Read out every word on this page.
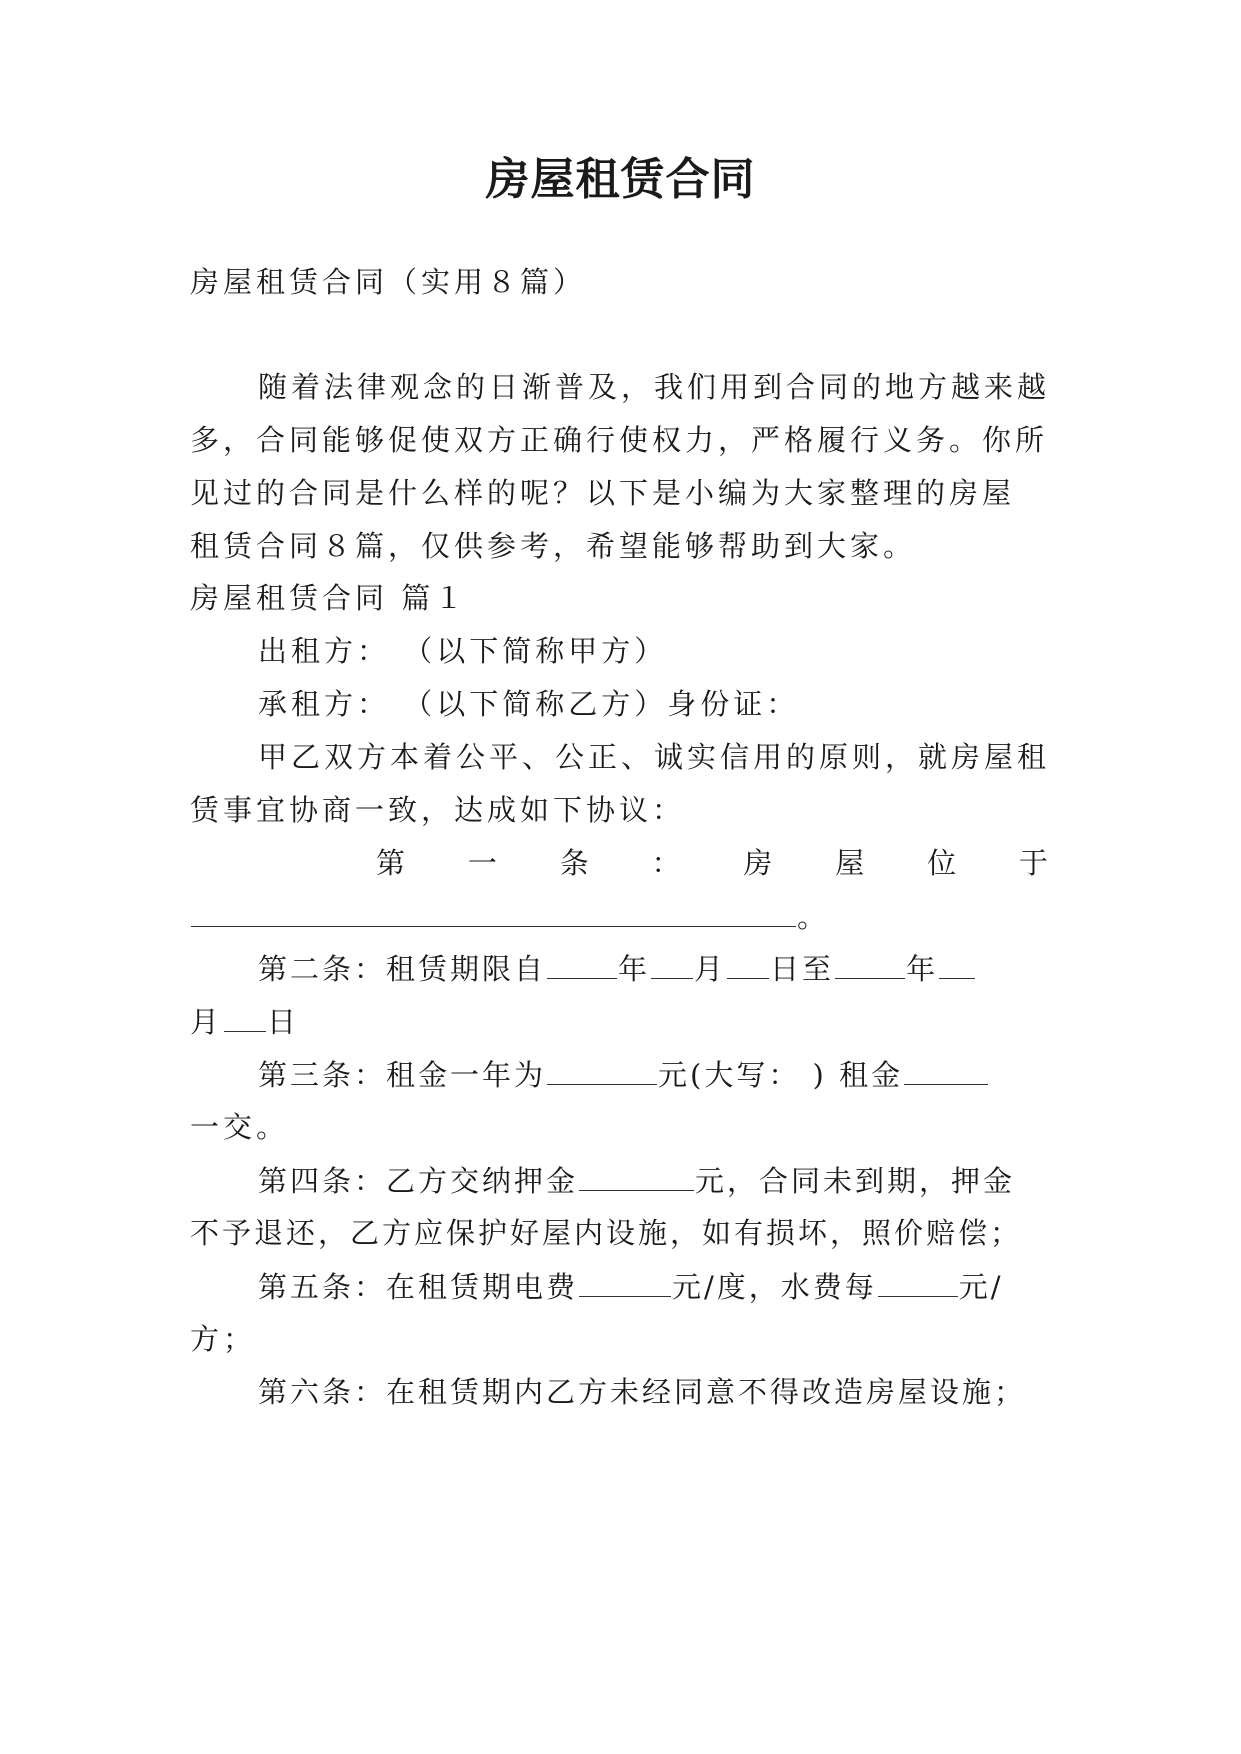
房屋租赁合同
房屋租赁合同（实用８篇）
随着法律观念的日渐普及，我们用到合同的地方越来越
多，合同能够促使双方正确行使权力，严格履行义务。你所
见过的合同是什么样的呢？以下是小编为大家整理的房屋
租赁合同８篇，仅供参考，希望能够帮助到大家。
房屋租赁合同 篇１
出租方： （以下简称甲方）
承租方： （以下简称乙方）身份证：
甲乙双方本着公平、公正、诚实信用的原则，就房屋租
赁事宜协商一致，达成如下协议：
第 一 条 ： 房 屋 位 于
。
第二条：租赁期限自 年 月 日至 年
月 日
第三条：租金一年为	元(大写： ) 租金
一交。
第四条：乙方交纳押金	元，合同未到期，押金
不予退还，乙方应保护好屋内设施，如有损坏，照价赔偿；
第五条：在租赁期电费	元/度，水费每	元/
方；
第六条：在租赁期内乙方未经同意不得改造房屋设施；
